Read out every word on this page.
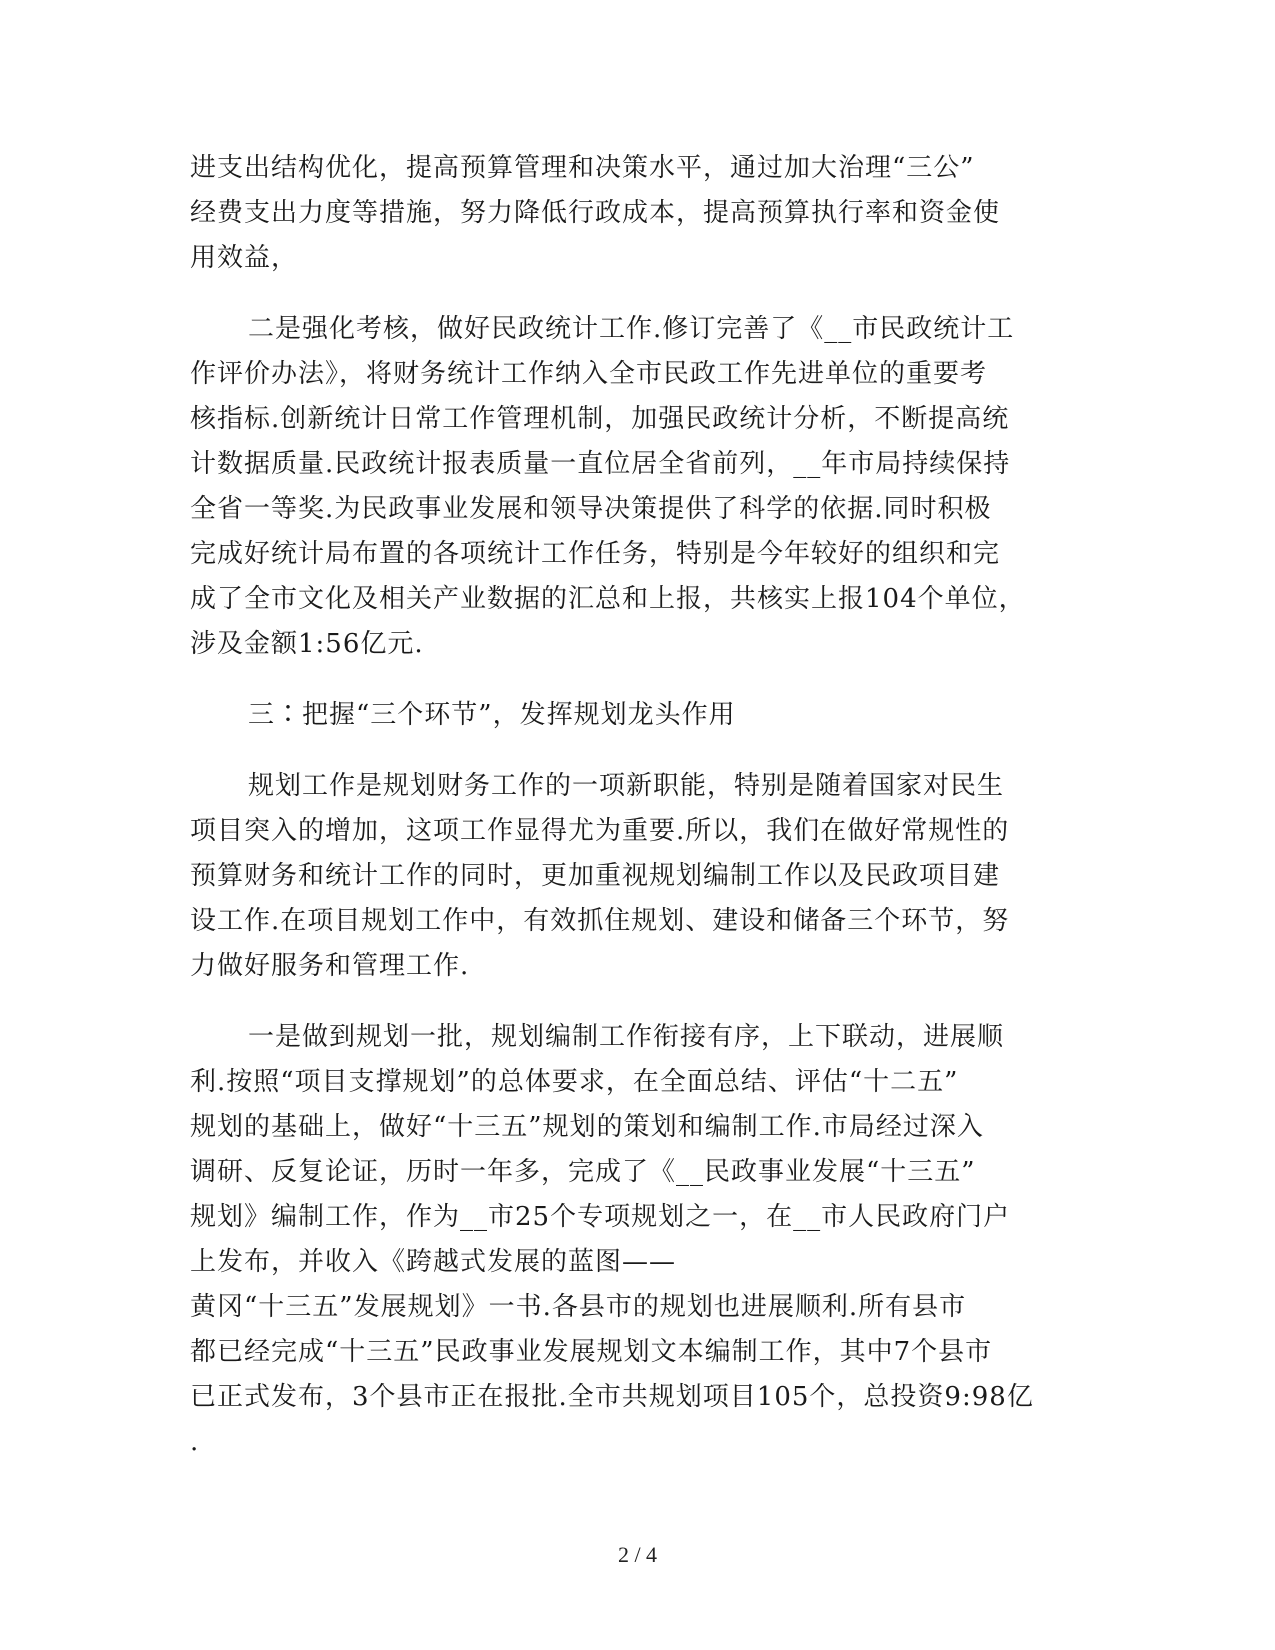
进支出结构优化，提高预算管理和决策水平，通过加大治理“三公”
经费支出力度等措施，努力降低行政成本，提高预算执行率和资金使
用效益，

二是强化考核，做好民政统计工作.修订完善了《__市民政统计工
作评价办法》，将财务统计工作纳入全市民政工作先进单位的重要考
核指标.创新统计日常工作管理机制，加强民政统计分析，不断提高统
计数据质量.民政统计报表质量一直位居全省前列，__年市局持续保持
全省一等奖.为民政事业发展和领导决策提供了科学的依据.同时积极
完成好统计局布置的各项统计工作任务，特别是今年较好的组织和完
成了全市文化及相关产业数据的汇总和上报，共核实上报104个单位，
涉及金额1:56亿元.

三∶把握“三个环节”，发挥规划龙头作用

规划工作是规划财务工作的一项新职能，特别是随着国家对民生
项目突入的增加，这项工作显得尤为重要.所以，我们在做好常规性的
预算财务和统计工作的同时，更加重视规划编制工作以及民政项目建
设工作.在项目规划工作中，有效抓住规划、建设和储备三个环节，努
力做好服务和管理工作.

一是做到规划一批，规划编制工作衔接有序，上下联动，进展顺
利.按照“项目支撑规划”的总体要求，在全面总结、评估“十二五”
规划的基础上，做好“十三五”规划的策划和编制工作.市局经过深入
调研、反复论证，历时一年多，完成了《__民政事业发展“十三五”
规划》编制工作，作为__市25个专项规划之一，在__市人民政府门户
上发布，并收入《跨越式发展的蓝图——
黄冈“十三五”发展规划》一书.各县市的规划也进展顺利.所有县市
都已经完成“十三五”民政事业发展规划文本编制工作，其中7个县市
已正式发布，3个县市正在报批.全市共规划项目105个，总投资9:98亿
.

2 / 4
